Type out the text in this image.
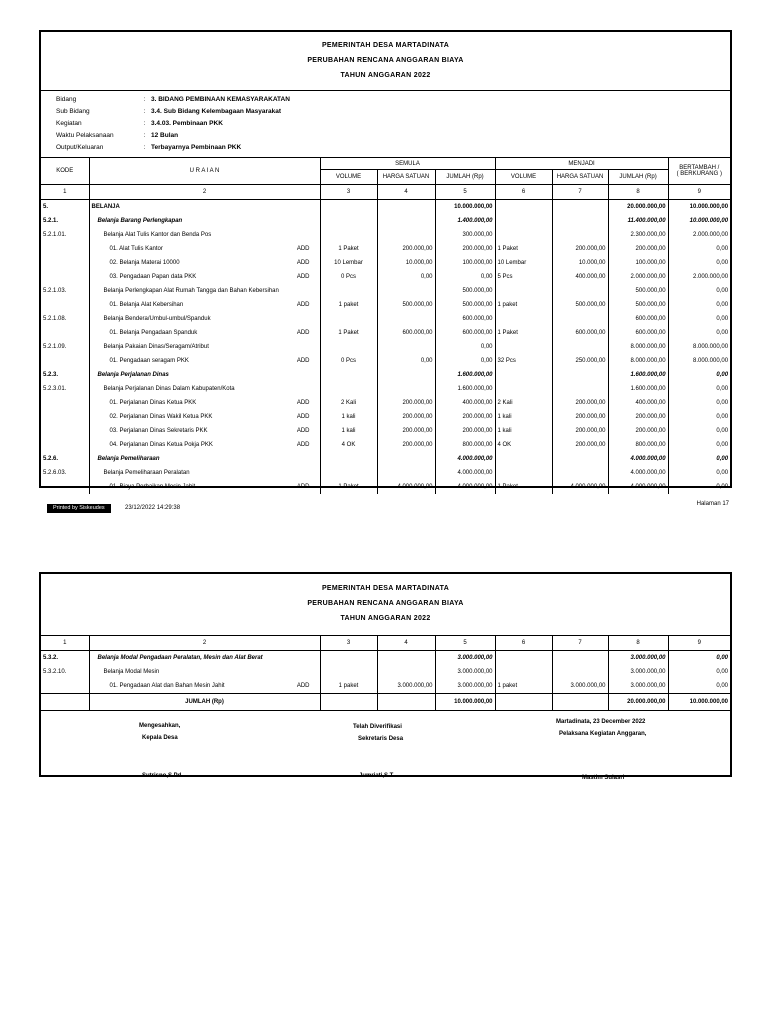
PEMERINTAH DESA MARTADINATA
PERUBAHAN RENCANA ANGGARAN BIAYA
TAHUN ANGGARAN 2022
Bidang	: 3. BIDANG PEMBINAAN KEMASYARAKATAN
Sub Bidang	: 3.4. Sub Bidang Kelembagaan Masyarakat
Kegiatan	: 3.4.03. Pembinaan PKK
Waktu Pelaksanaan	: 12 Bulan
Output/Keluaran	: Terbayarnya Pembinaan PKK
KODE	U R A I A N	SEMULA			MENJADI			BERTAMBAH /
( BERKURANG )

		VOLUME	HARGA SATUAN	JUMLAH (Rp)	VOLUME	HARGA SATUAN	JUMLAH (Rp)	
1	2	3	4	5	6	7	8	9
5.	BELANJA			10.000.000,00			20.000.000,00	10.000.000,00
5.2.1.	Belanja Barang Perlengkapan			1.400.000,00			11.400.000,00	10.000.000,00
5.2.1.01.	Belanja Alat Tulis Kantor dan Benda Pos			300.000,00			2.300.000,00	2.000.000,00
	01. Alat Tulis Kantor ADD	1 Paket	200.000,00	200.000,00	1 Paket	200.000,00	200.000,00	0,00
	02. Belanja Materai 10000 ADD	10 Lembar	10.000,00	100.000,00	10 Lembar	10.000,00	100.000,00	0,00
	03. Pengadaan Papan data PKK ADD	0 Pcs	0,00	0,00	5 Pcs	400.000,00	2.000.000,00	2.000.000,00
5.2.1.03.	Belanja Perlengkapan Alat Rumah Tangga dan Bahan Kebersihan			500.000,00			500.000,00	0,00
	01. Belanja Alat Kebersihan ADD	1 paket	500.000,00	500.000,00	1 paket	500.000,00	500.000,00	0,00
5.2.1.08.	Belanja Bendera/Umbul-umbul/Spanduk			600.000,00			600.000,00	0,00
	01. Belanja Pengadaan Spanduk ADD	1 Paket	600.000,00	600.000,00	1 Paket	600.000,00	600.000,00	0,00
5.2.1.09.	Belanja Pakaian Dinas/Seragam/Atribut			0,00			8.000.000,00	8.000.000,00
	01. Pengadaan seragam PKK ADD	0 Pcs	0,00	0,00	32 Pcs	250.000,00	8.000.000,00	8.000.000,00
5.2.3.	Belanja Perjalanan Dinas			1.600.000,00			1.600.000,00	0,00
5.2.3.01.	Belanja Perjalanan Dinas Dalam Kabupaten/Kota			1.600.000,00			1.600.000,00	0,00
	01. Perjalanan Dinas Ketua PKK ADD	2 Kali	200.000,00	400.000,00	2 Kali	200.000,00	400.000,00	0,00
	02. Perjalanan Dinas Wakil Ketua PKK ADD	1 kali	200.000,00	200.000,00	1 kali	200.000,00	200.000,00	0,00
	03. Perjalanan Dinas Sekretaris PKK ADD	1 kali	200.000,00	200.000,00	1 kali	200.000,00	200.000,00	0,00
	04. Perjalanan Dinas Ketua Pokja PKK ADD	4 OK	200.000,00	800.000,00	4 OK	200.000,00	800.000,00	0,00
5.2.6.	Belanja Pemeliharaan			4.000.000,00			4.000.000,00	0,00
5.2.6.03.	Belanja Pemeliharaan Peralatan			4.000.000,00			4.000.000,00	0,00
	01. Biaya Perbaikan Mesin Jahit ADD	1 Paket	4.000.000,00	4.000.000,00	1 Paket	4.000.000,00	4.000.000,00	0,00
Printed by Siskeudes	23/12/2022 14:29:38
Halaman 17
PEMERINTAH DESA MARTADINATA
PERUBAHAN RENCANA ANGGARAN BIAYA
TAHUN ANGGARAN 2022
1	2	3	4	5	6	7	8	9
5.3.2.	Belanja Modal Pengadaan Peralatan, Mesin dan Alat Berat			3.000.000,00			3.000.000,00	0,00
5.3.2.10.	Belanja Modal Mesin			3.000.000,00			3.000.000,00	0,00
	01. Pengadaan Alat dan Bahan Mesin Jahit ADD	1 paket	3.000.000,00	3.000.000,00	1 paket	3.000.000,00	3.000.000,00	0,00
	JUMLAH (Rp)			10.000.000,00			20.000.000,00	10.000.000,00
Mengesahkan,
Kepala Desa
Sutrisno,S.Pd
Telah Diverifikasi
Sekretaris Desa
Jumriati,S.T
Martadinata, 23 December 2022
Pelaksana Kegiatan Anggaran,
Mastim Sulasri
